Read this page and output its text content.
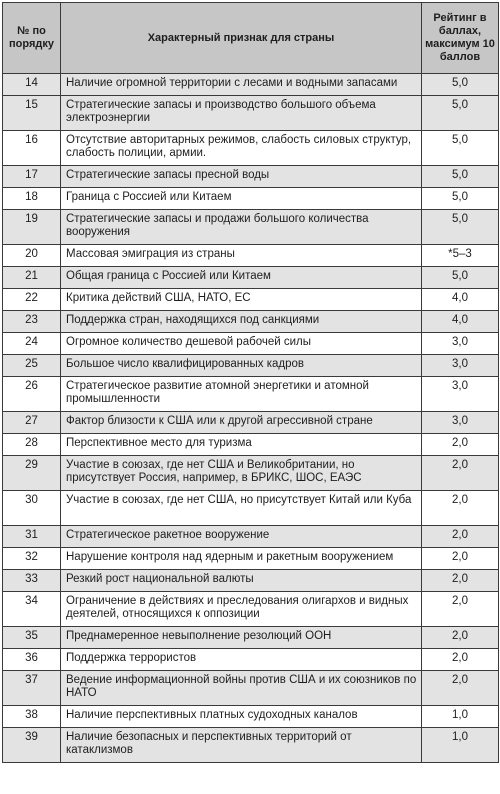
№ по порядку	Характерный признак для страны	Рейтинг в баллах, максимум 10 баллов
14	Наличие огромной территории с лесами и водными запасами	5,0
15	Стратегические запасы и производство большого объема электроэнергии	5,0
16	Отсутствие авторитарных режимов, слабость силовых структур, слабость полиции, армии.	5,0
17	Стратегические запасы пресной воды	5,0
18	Граница с Россией или Китаем	5,0
19	Стратегические запасы и продажи большого количества вооружения	5,0
20	Массовая эмиграция из страны	*5–3
21	Общая граница с Россией или Китаем	5,0
22	Критика действий США, НАТО, ЕС	4,0
23	Поддержка стран, находящихся под санкциями	4,0
24	Огромное количество дешевой рабочей силы	3,0
25	Большое число квалифицированных кадров	3,0
26	Стратегическое развитие атомной энергетики и атомной промышленности	3,0
27	Фактор близости к США или к другой агрессивной стране	3,0
28	Перспективное место для туризма	2,0
29	Участие в союзах, где нет США и Великобритании, но присутствует Россия, например, в БРИКС, ШОС, ЕАЭС	2,0
30	Участие в союзах, где нет США, но присутствует Китай или Куба	2,0
31	Стратегическое ракетное вооружение	2,0
32	Нарушение контроля над ядерным и ракетным вооружением	2,0
33	Резкий рост национальной валюты	2,0
34	Ограничение в действиях и преследования олигархов и видных деятелей, относящихся к оппозиции	2,0
35	Преднамеренное невыполнение резолюций ООН	2,0
36	Поддержка террористов	2,0
37	Ведение информационной войны против США и их союзников по НАТО	2,0
38	Наличие перспективных платных судоходных каналов	1,0
39	Наличие безопасных и перспективных территорий от катаклизмов	1,0
